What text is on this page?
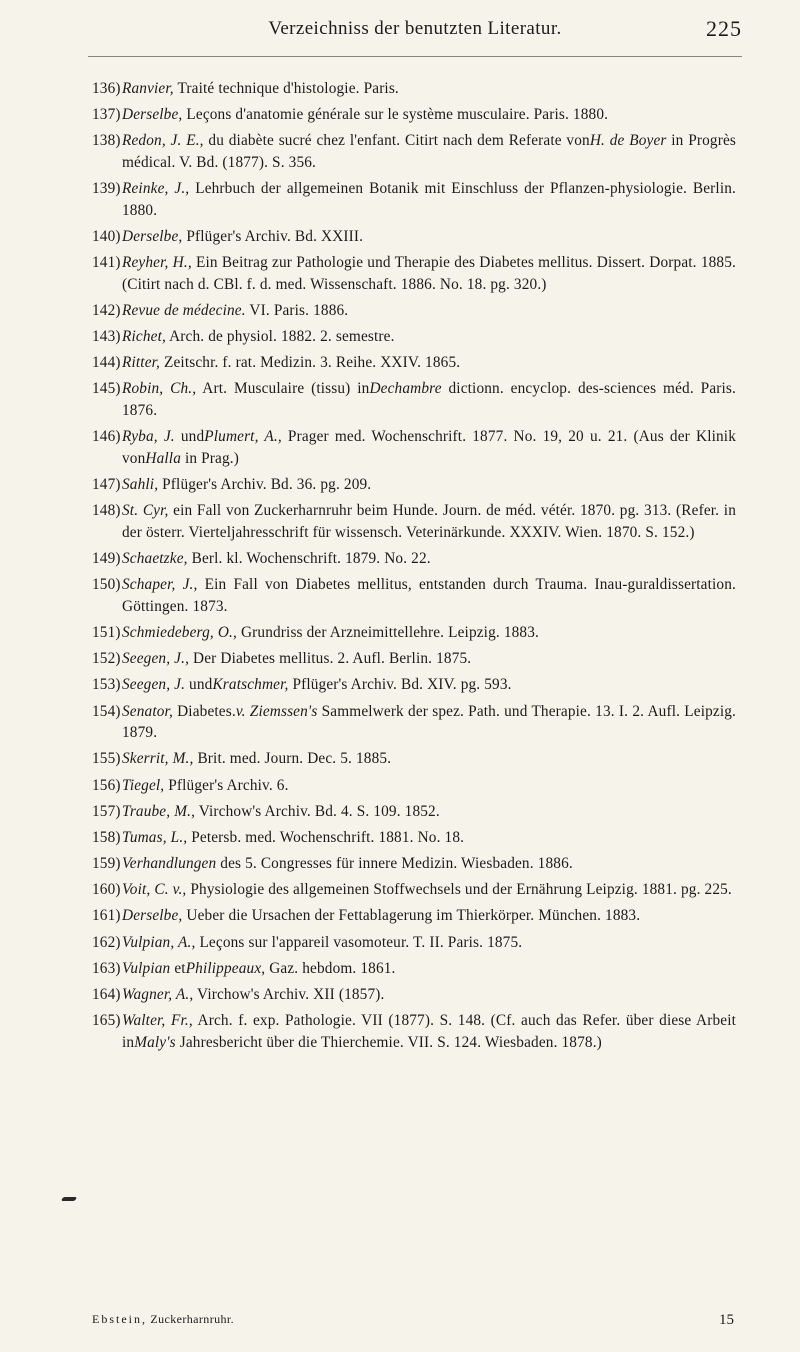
Verzeichniss der benutzten Literatur.	225
136) Ranvier, Traité technique d'histologie. Paris.
137) Derselbe, Leçons d'anatomie générale sur le système musculaire. Paris. 1880.
138) Redon, J. E., du diabète sucré chez l'enfant. Citirt nach dem Referate vonH. de Boyer in Progrès médical. V. Bd. (1877). S. 356.
139) Reinke, J., Lehrbuch der allgemeinen Botanik mit Einschluss der Pflanzen-physiologie. Berlin. 1880.
140) Derselbe, Pflüger's Archiv. Bd. XXIII.
141) Reyher, H., Ein Beitrag zur Pathologie und Therapie des Diabetes mellitus. Dissert. Dorpat. 1885. (Citirt nach d. CBl. f. d. med. Wissenschaft. 1886. No. 18. pg. 320.)
142) Revue de médecine. VI. Paris. 1886.
143) Richet, Arch. de physiol. 1882. 2. semestre.
144) Ritter, Zeitschr. f. rat. Medizin. 3. Reihe. XXIV. 1865.
145) Robin, Ch., Art. Musculaire (tissu) inDechambre dictionn. encyclop. des-sciences méd. Paris. 1876.
146) Ryba, J. undPlumert, A., Prager med. Wochenschrift. 1877. No. 19, 20 u. 21. (Aus der Klinik vonHalla in Prag.)
147) Sahli, Pflüger's Archiv. Bd. 36. pg. 209.
148) St. Cyr, ein Fall von Zuckerharnruhr beim Hunde. Journ. de méd. vétér. 1870. pg. 313. (Refer. in der österr. Vierteljahresschrift für wissensch. Veterinärkunde. XXXIV. Wien. 1870. S. 152.)
149) Schaetzke, Berl. kl. Wochenschrift. 1879. No. 22.
150) Schaper, J., Ein Fall von Diabetes mellitus, entstanden durch Trauma. Inau-guraldissertation. Göttingen. 1873.
151) Schmiedeberg, O., Grundriss der Arzneimittellehre. Leipzig. 1883.
152) Seegen, J., Der Diabetes mellitus. 2. Aufl. Berlin. 1875.
153) Seegen, J. undKratschmer, Pflüger's Archiv. Bd. XIV. pg. 593.
154) Senator, Diabetes.v. Ziemssen's Sammelwerk der spez. Path. und Therapie. 13. I. 2. Aufl. Leipzig. 1879.
155) Skerrit, M., Brit. med. Journ. Dec. 5. 1885.
156) Tiegel, Pflüger's Archiv. 6.
157) Traube, M., Virchow's Archiv. Bd. 4. S. 109. 1852.
158) Tumas, L., Petersb. med. Wochenschrift. 1881. No. 18.
159) Verhandlungen des 5. Congresses für innere Medizin. Wiesbaden. 1886.
160) Voit, C. v., Physiologie des allgemeinen Stoffwechsels und der Ernährung Leipzig. 1881. pg. 225.
161) Derselbe, Ueber die Ursachen der Fettablagerung im Thierkörper. München. 1883.
162) Vulpian, A., Leçons sur l'appareil vasomoteur. T. II. Paris. 1875.
163) Vulpian etPhilippeaux, Gaz. hebdom. 1861.
164) Wagner, A., Virchow's Archiv. XII (1857).
165) Walter, Fr., Arch. f. exp. Pathologie. VII (1877). S. 148. (Cf. auch das Refer. über diese Arbeit inMaly's Jahresbericht über die Thierchemie. VII. S. 124. Wiesbaden. 1878.)
Ebstein, Zuckerharnruhr.	15
